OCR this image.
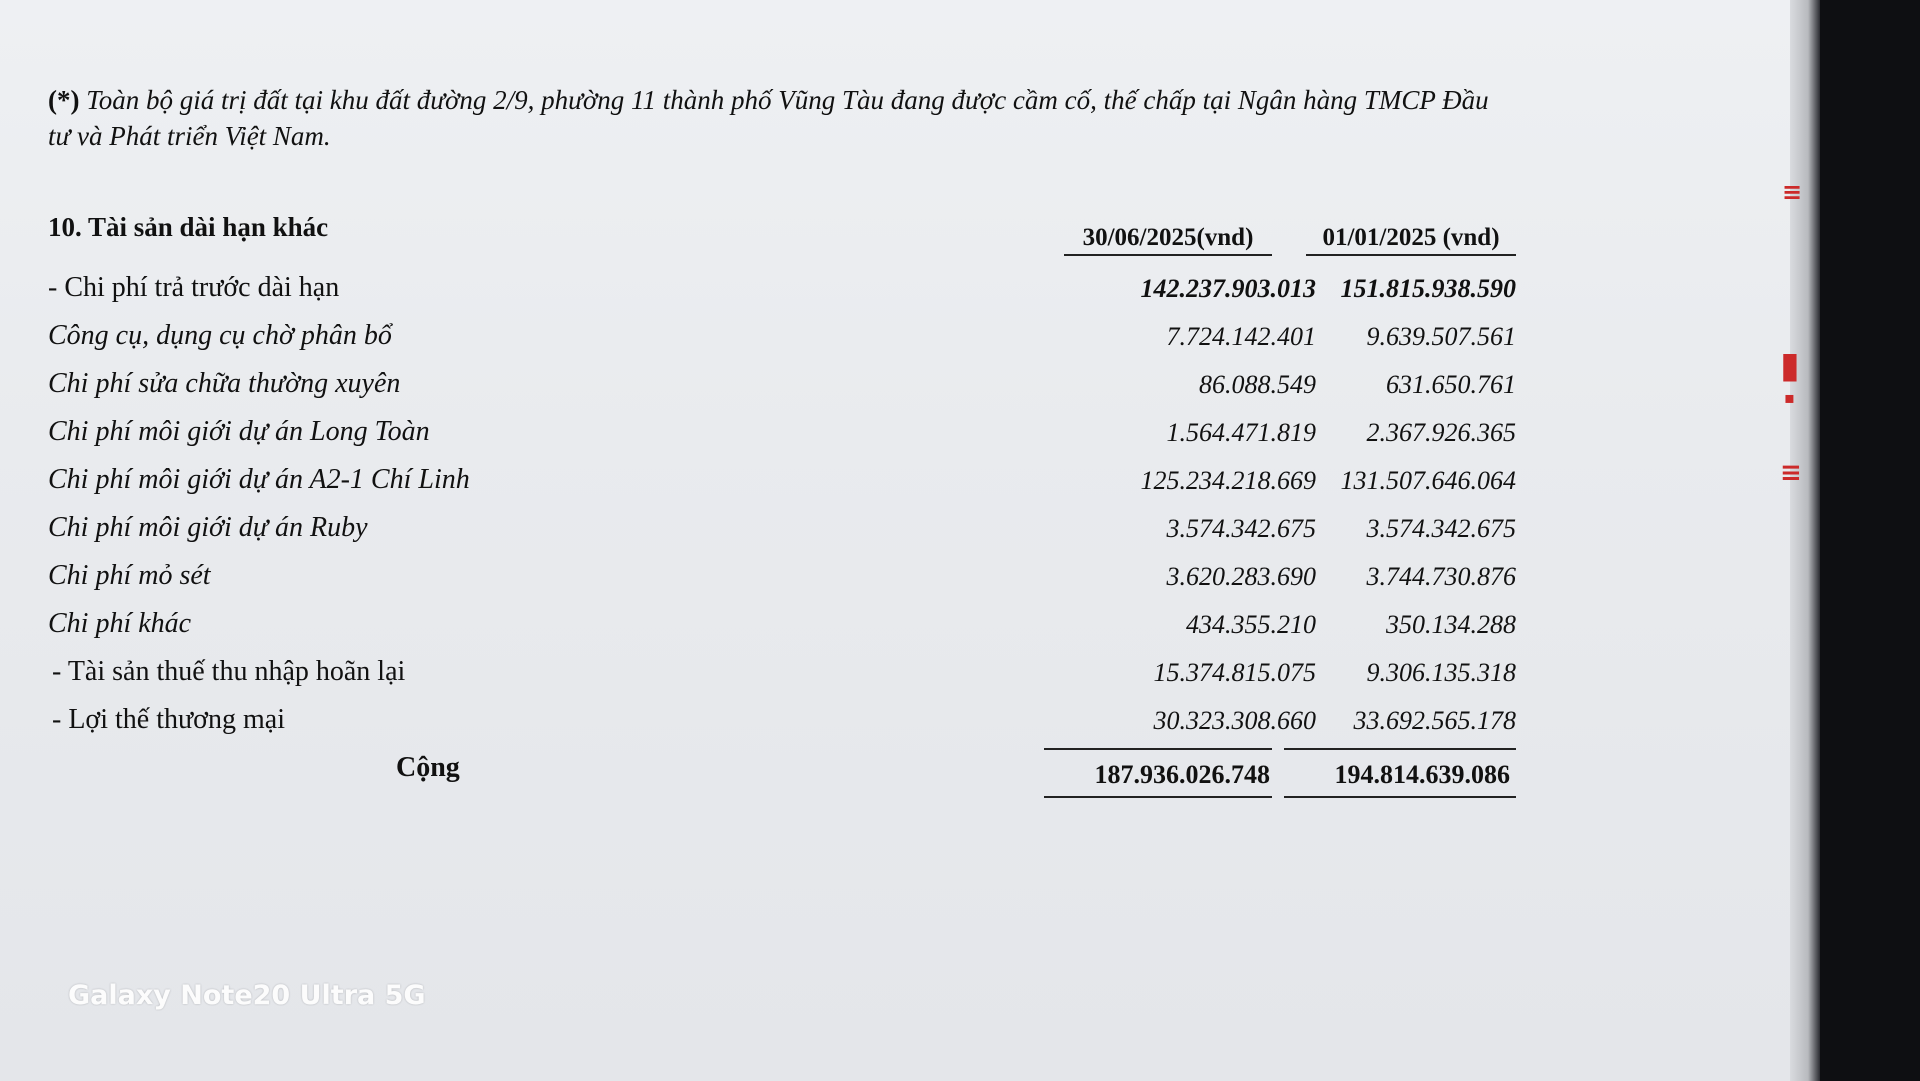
(*) Toàn bộ giá trị đất tại khu đất đường 2/9, phường 11 thành phố Vũng Tàu đang được cầm cố, thế chấp tại Ngân hàng TMCP Đầu tư và Phát triển Việt Nam.
10. Tài sản dài hạn khác	30/06/2025(vnd)	01/01/2025 (vnd)
- Chi phí trả trước dài hạn	142.237.903.013 151.815.938.590
Công cụ, dụng cụ chờ phân bổ	7.724.142.401 9.639.507.561
Chi phí sửa chữa thường xuyên	86.088.549	631.650.761
Chi phí môi giới dự án Long Toàn	1.564.471.819 2.367.926.365
Chi phí môi giới dự án A2-1 Chí Linh	125.234.218.669 131.507.646.064
Chi phí môi giới dự án Ruby	3.574.342.675 3.574.342.675
Chi phí mỏ sét	3.620.283.690 3.744.730.876
Chi phí khác	434.355.210	350.134.288
- Tài sản thuế thu nhập hoãn lại	15.374.815.075 9.306.135.318
- Lợi thế thương mại	30.323.308.660 33.692.565.178
Cộng	187.936.026.748 194.814.639.086
Galaxy Note20 Ultra 5G
≡
▮
▪
≡
